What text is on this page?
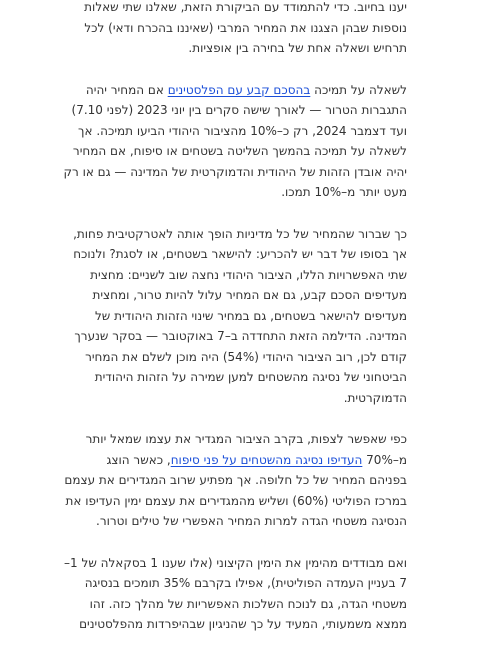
יענו בחיוב. כדי להתמודד עם הביקורת הזאת, שאלנו שתי שאלות
נוספות שבהן הצגנו את המחיר המרבי (שאיננו בהכרח ודאי) לכל
תרחיש ושאלה אחת של בחירה בין אופציות.

לשאלה על תמיכה בהסכם קבע עם הפלסטינים אם המחיר יהיה
התגברות הטרור — לאורך שישה סקרים בין יוני 2023 (לפני 7.10)
ועד דצמבר 2024, רק כ–10% מהציבור היהודי הביעו תמיכה. אך
לשאלה על תמיכה בהמשך השליטה בשטחים או סיפוח, אם המחיר
יהיה אובדן הזהות של היהודית והדמוקרטית של המדינה — גם או רק
מעט יותר מ–10% תמכו.

כך שברור שהמחיר של כל מדיניות הופך אותה לאטרקטיבית פחות,
אך בסופו של דבר יש להכריע: להישאר בשטחים, או לסגת? ולנוכח
שתי האפשרויות הללו, הציבור היהודי נחצה שוב לשניים: מחצית
מעדיפים הסכם קבע, גם אם המחיר עלול להיות טרור, ומחצית
מעדיפים להישאר בשטחים, גם במחיר שינוי הזהות היהודית של
המדינה. הדילמה הזאת התחדדה ב–7 באוקטובר — בסקר שנערך
קודם לכן, רוב הציבור היהודי (54%) היה מוכן לשלם את המחיר
הביטחוני של נסיגה מהשטחים למען שמירה על הזהות היהודית
הדמוקרטית.

כפי שאפשר לצפות, בקרב הציבור המגדיר את עצמו שמאל יותר
מ–70% העדיפו נסיגה מהשטחים על פני סיפוח, כאשר הוצג
בפניהם המחיר של כל חלופה. אך מפתיע שרוב המגדירים את עצמם
במרכז הפוליטי (60%) ושליש מהמגדירים את עצמם ימין העדיפו את
הנסיגה משטחי הגדה למרות המחיר האפשרי של טילים וטרור.

ואם מבודדים מהימין את הימין הקיצוני (אלו שענו 1 בסקאלה של 1–
7 בעניין העמדה הפוליטית), אפילו בקרבם 35% תומכים בנסיגה
משטחי הגדה, גם לנוכח השלכות האפשריות של מהלך כזה. זהו
ממצא משמעותי, המעיד על כך שהניגיון שבהיפרדות מהפלסטינים
